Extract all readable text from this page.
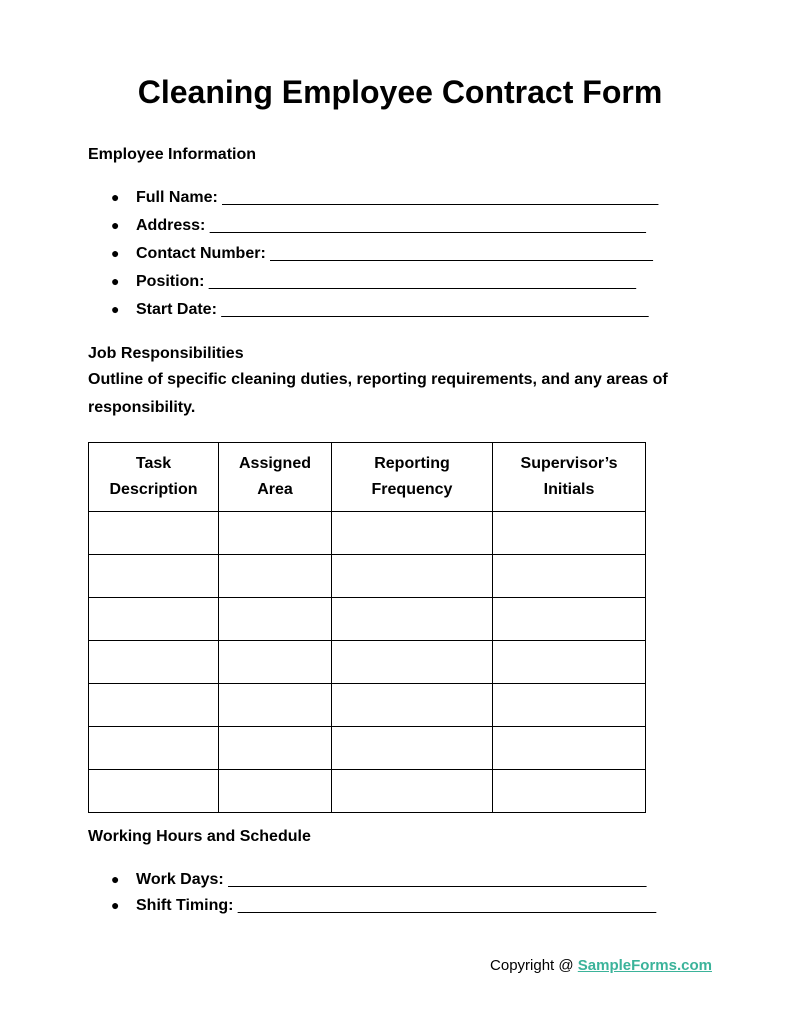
Cleaning Employee Contract Form

Employee Information

● Full Name: _________________________________________________
● Address: _________________________________________________
● Contact Number: ___________________________________________
● Position: ________________________________________________
● Start Date: ________________________________________________

Job Responsibilities

Outline of specific cleaning duties, reporting requirements, and any areas of responsibility.

Task Description	Assigned Area	Reporting Frequency	Supervisor’s Initials

Working Hours and Schedule

● Work Days: _______________________________________________
● Shift Timing: _______________________________________________
Copyright @ SampleForms.com
